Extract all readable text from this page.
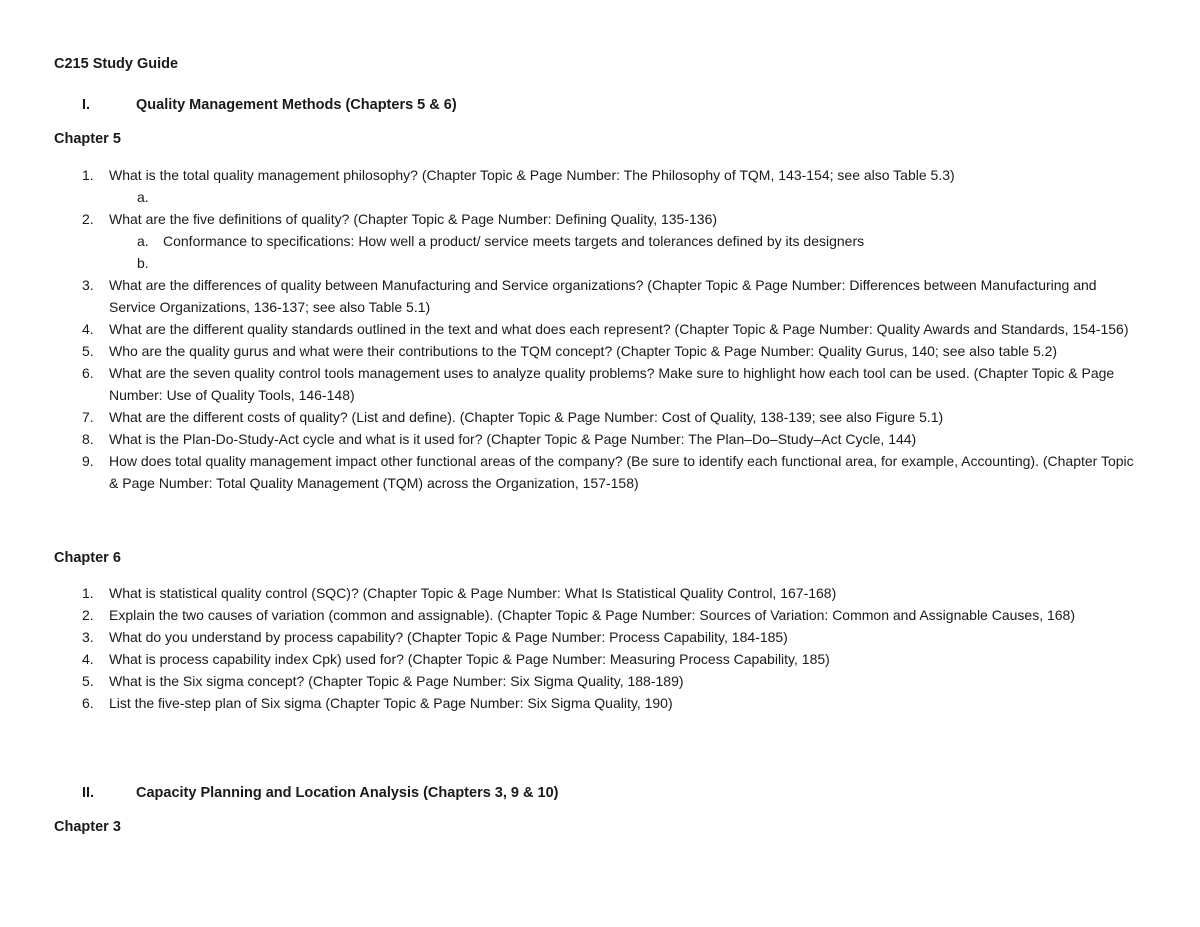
C215 Study Guide
I.	Quality Management Methods (Chapters 5 & 6)
Chapter 5
1. What is the total quality management philosophy? (Chapter Topic & Page Number: The Philosophy of TQM, 143-154; see also Table 5.3)
a.

2. What are the five definitions of quality? (Chapter Topic & Page Number: Defining Quality, 135-136)
a. Conformance to specifications: How well a product/ service meets targets and tolerances defined by its designers
b.

3. What are the differences of quality between Manufacturing and Service organizations? (Chapter Topic & Page Number: Differences between Manufacturing and Service Organizations, 136-137; see also Table 5.1)
4. What are the different quality standards outlined in the text and what does each represent? (Chapter Topic & Page Number: Quality Awards and Standards, 154-156)
5. Who are the quality gurus and what were their contributions to the TQM concept? (Chapter Topic & Page Number: Quality Gurus, 140; see also table 5.2)
6. What are the seven quality control tools management uses to analyze quality problems? Make sure to highlight how each tool can be used. (Chapter Topic & Page Number: Use of Quality Tools, 146-148)
7. What are the different costs of quality? (List and define). (Chapter Topic & Page Number: Cost of Quality, 138-139; see also Figure 5.1)
8. What is the Plan-Do-Study-Act cycle and what is it used for? (Chapter Topic & Page Number: The Plan–Do–Study–Act Cycle, 144)
9. How does total quality management impact other functional areas of the company? (Be sure to identify each functional area, for example, Accounting). (Chapter Topic & Page Number: Total Quality Management (TQM) across the Organization, 157-158)
Chapter 6
1. What is statistical quality control (SQC)? (Chapter Topic & Page Number: What Is Statistical Quality Control, 167-168)
2. Explain the two causes of variation (common and assignable). (Chapter Topic & Page Number: Sources of Variation: Common and Assignable Causes, 168)
3. What do you understand by process capability? (Chapter Topic & Page Number: Process Capability, 184-185)
4. What is process capability index Cpk) used for? (Chapter Topic & Page Number: Measuring Process Capability, 185)
5. What is the Six sigma concept? (Chapter Topic & Page Number: Six Sigma Quality, 188-189)
6. List the five-step plan of Six sigma (Chapter Topic & Page Number: Six Sigma Quality, 190)
II.	Capacity Planning and Location Analysis (Chapters 3, 9 & 10)
Chapter 3
